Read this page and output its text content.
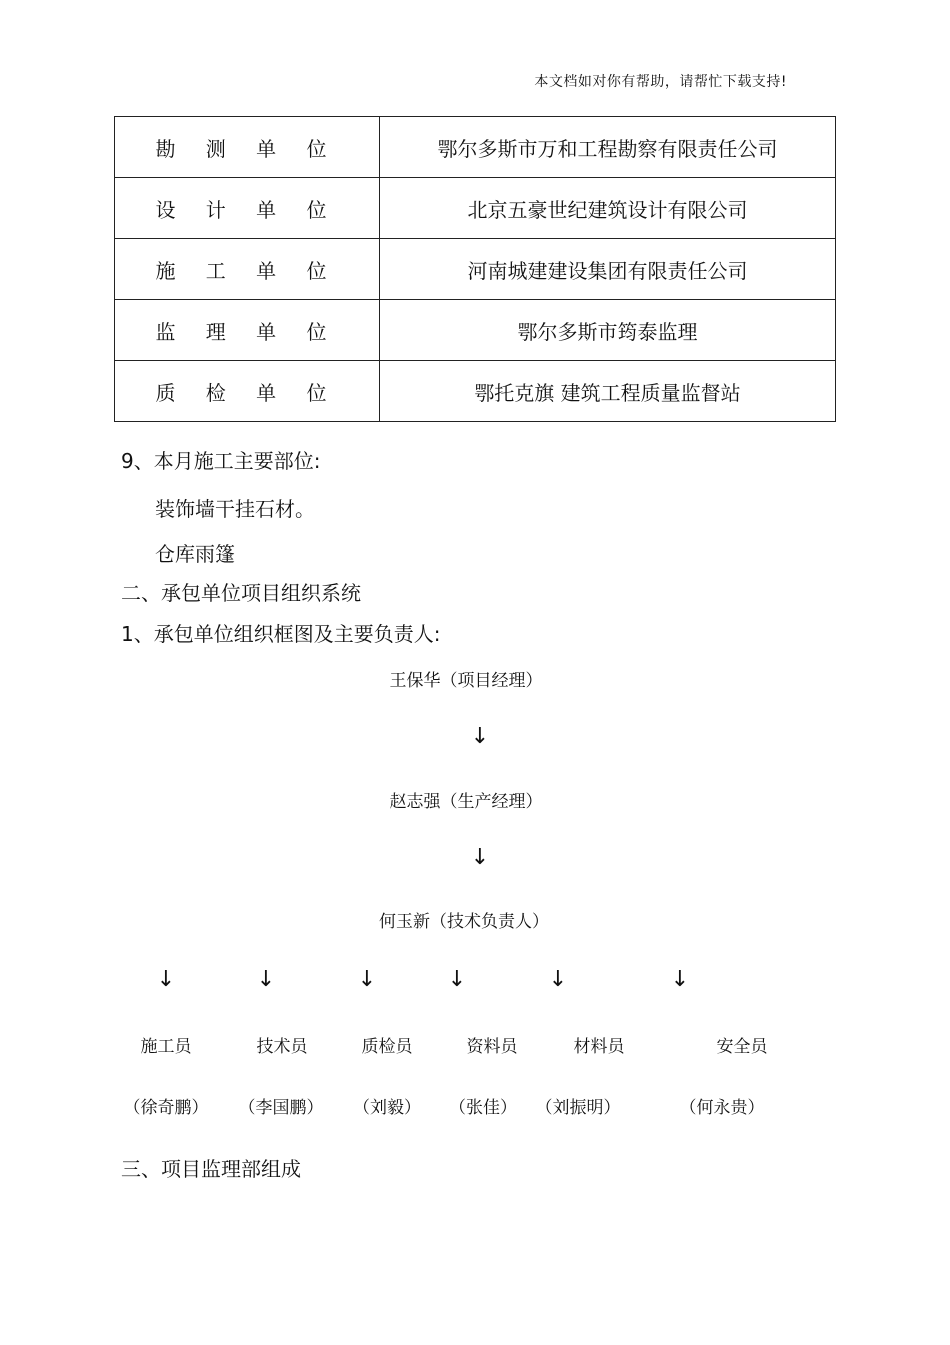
本文档如对你有帮助，请帮忙下载支持!
勘 测 单 位	鄂尔多斯市万和工程勘察有限责任公司
设 计 单 位	北京五豪世纪建筑设计有限公司
施 工 单 位	河南城建建设集团有限责任公司
监 理 单 位	鄂尔多斯市筠泰监理
质 检 单 位	鄂托克旗 建筑工程质量监督站
9、本月施工主要部位:
装饰墙干挂石材。
仓库雨篷
二、承包单位项目组织系统
1、承包单位组织框图及主要负责人:
王保华（项目经理）
↓
赵志强（生产经理）
↓
何玉新（技术负责人）
↓	↓	↓	↓	↓	↓
施工员	技术员	质检员	资料员	材料员	安全员
（徐奇鹏） （李国鹏） （刘毅） （张佳） （刘振明）	（何永贵）
三、项目监理部组成
